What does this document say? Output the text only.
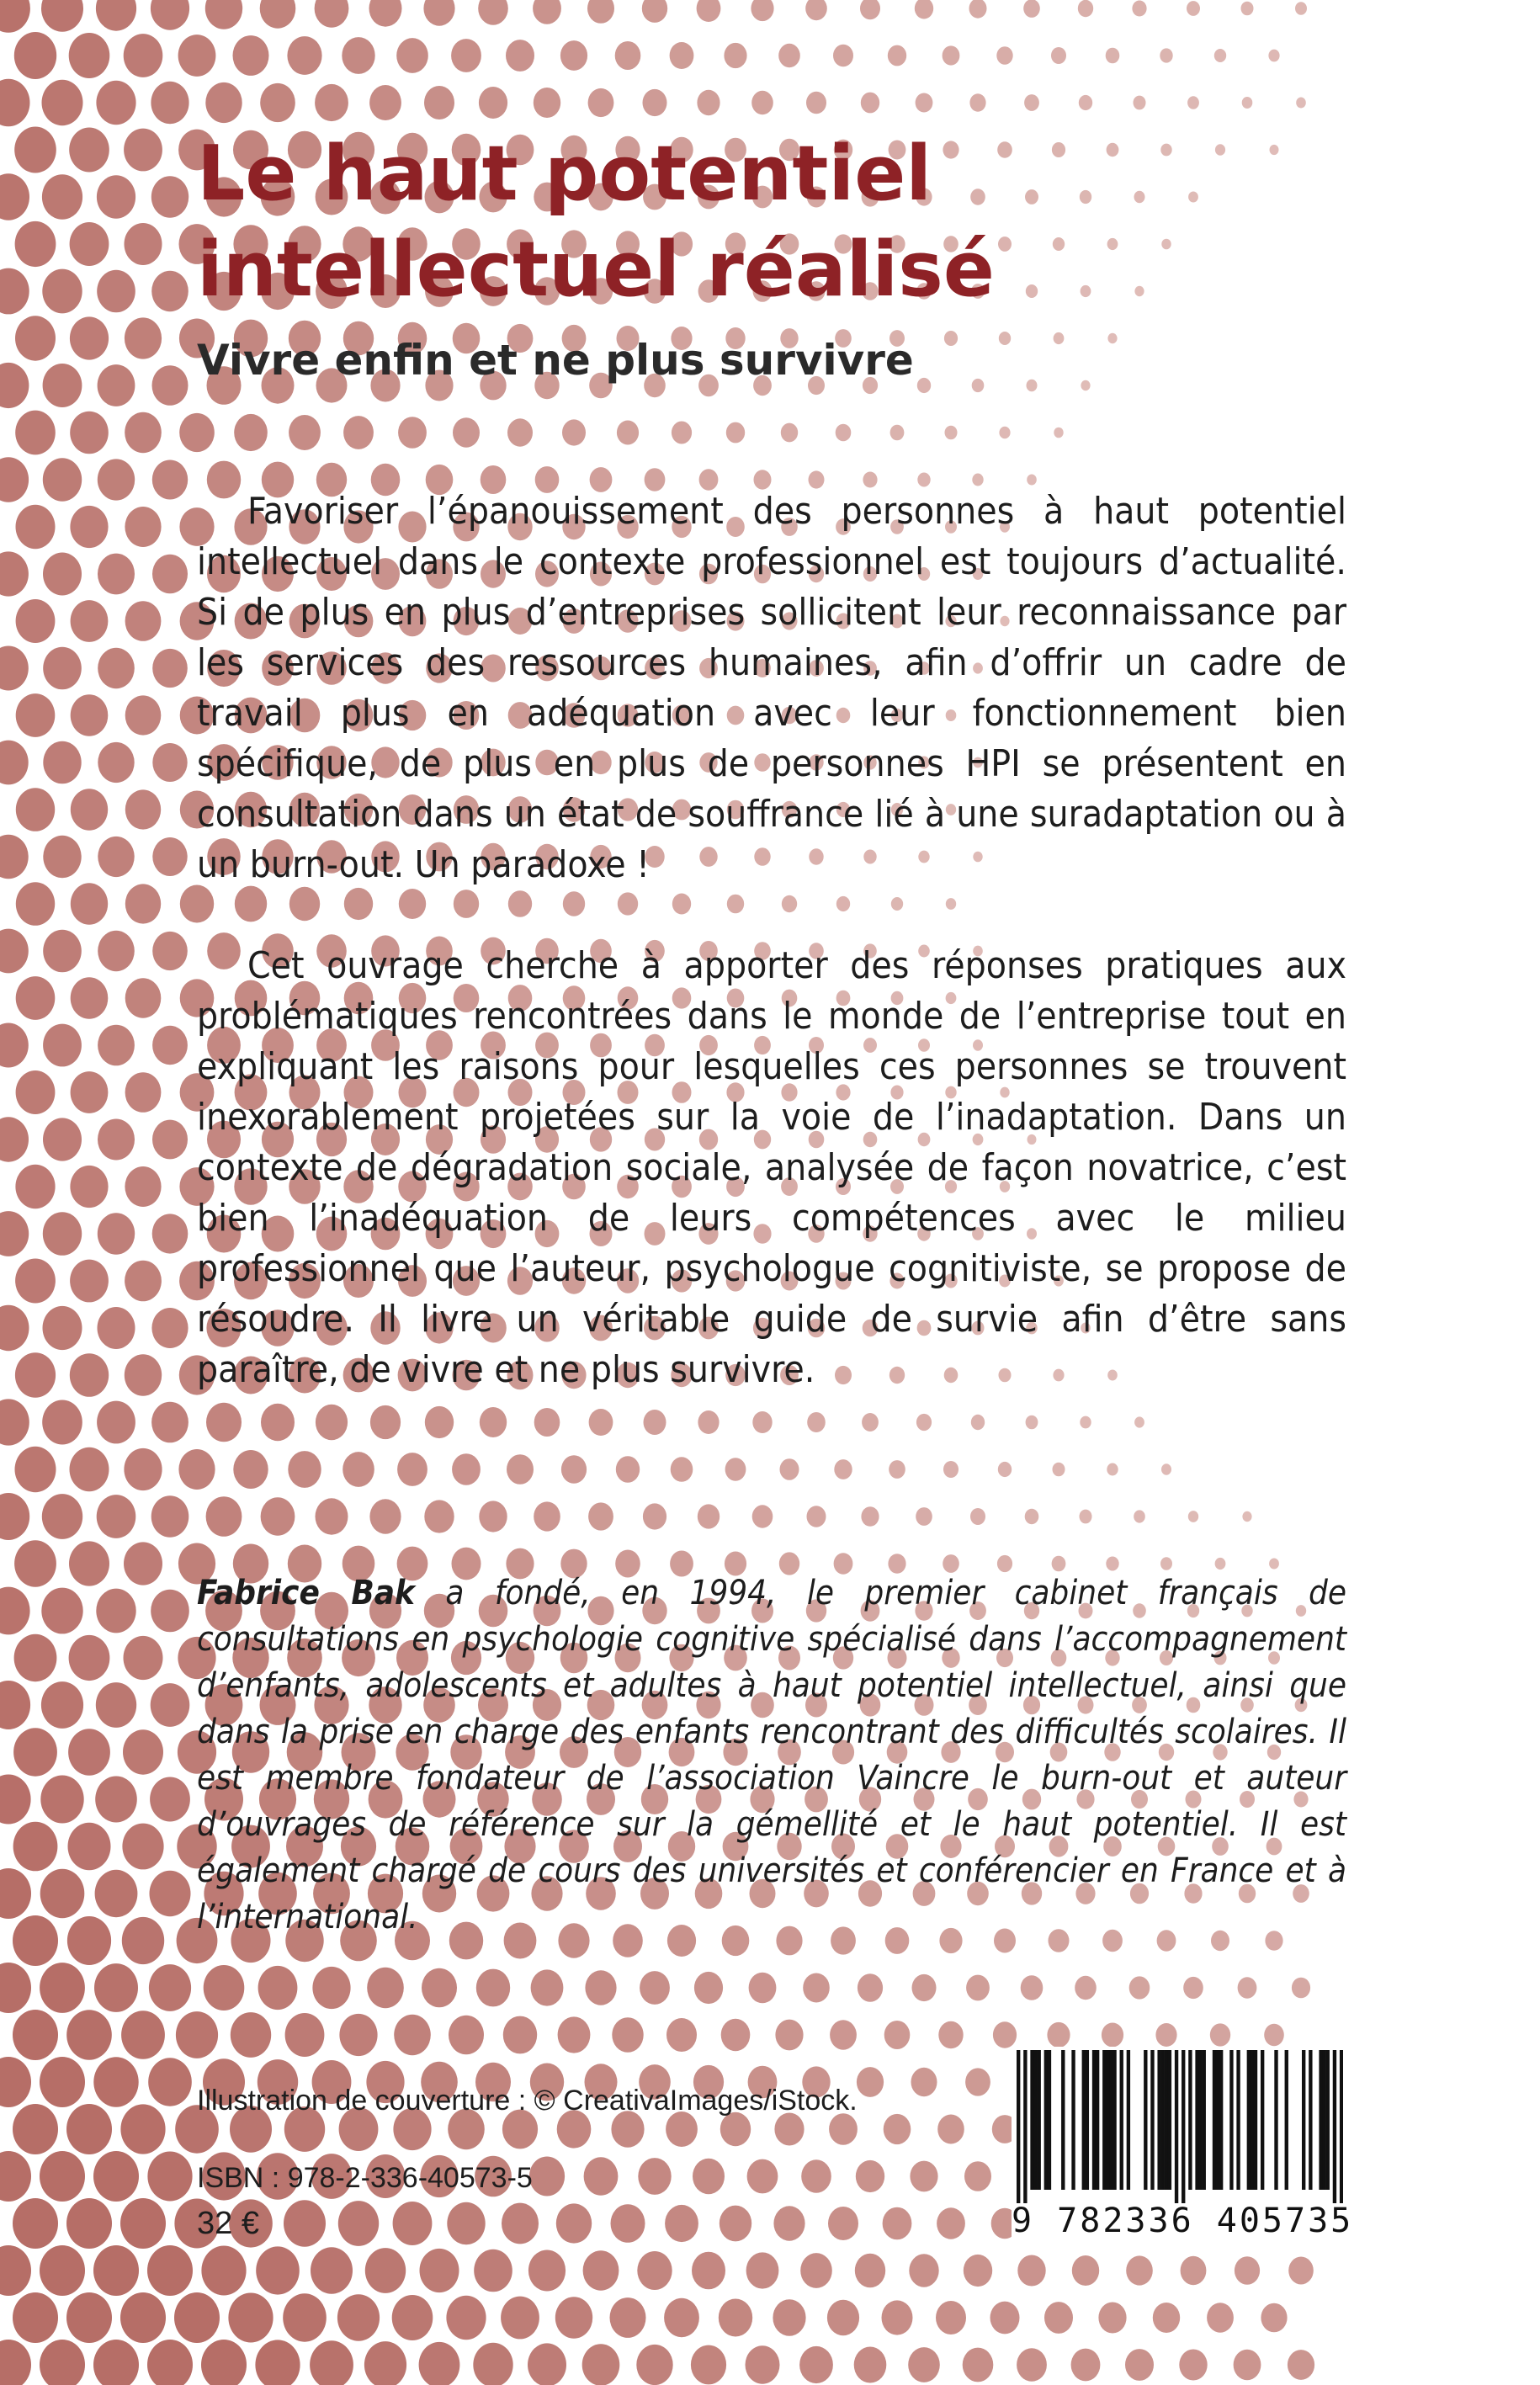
Le haut potentiel intellectuel réalisé
Vivre enfin et ne plus survivre

Favoriser l’épanouissement des personnes à haut potentiel intellectuel dans le contexte professionnel est toujours d’actualité. Si de plus en plus d’entreprises sollicitent leur reconnaissance par les services des ressources humaines, afin d’offrir un cadre de travail plus en adéquation avec leur fonctionnement bien spécifique, de plus en plus de personnes HPI se présentent en consultation dans un état de souffrance lié à une suradaptation ou à un burn-out. Un paradoxe !

Cet ouvrage cherche à apporter des réponses pratiques aux problématiques rencontrées dans le monde de l’entreprise tout en expliquant les raisons pour lesquelles ces personnes se trouvent inexorablement projetées sur la voie de l’inadaptation. Dans un contexte de dégradation sociale, analysée de façon novatrice, c’est bien l’inadéquation de leurs compétences avec le milieu professionnel que l’auteur, psychologue cognitiviste, se propose de résoudre. Il livre un véritable guide de survie afin d’être sans paraître, de vivre et ne plus survivre.

Fabrice Bak a fondé, en 1994, le premier cabinet français de consultations en psychologie cognitive spécialisé dans l’accompagnement d’enfants, adolescents et adultes à haut potentiel intellectuel, ainsi que dans la prise en charge des enfants rencontrant des difficultés scolaires. Il est membre fondateur de l’association Vaincre le burn-out et auteur d’ouvrages de référence sur la gémellité et le haut potentiel. Il est également chargé de cours des universités et conférencier en France et à l’international.

Illustration de couverture : © CreativaImages/iStock.
ISBN : 978-2-336-40573-5
32 €	9 782336 405735
